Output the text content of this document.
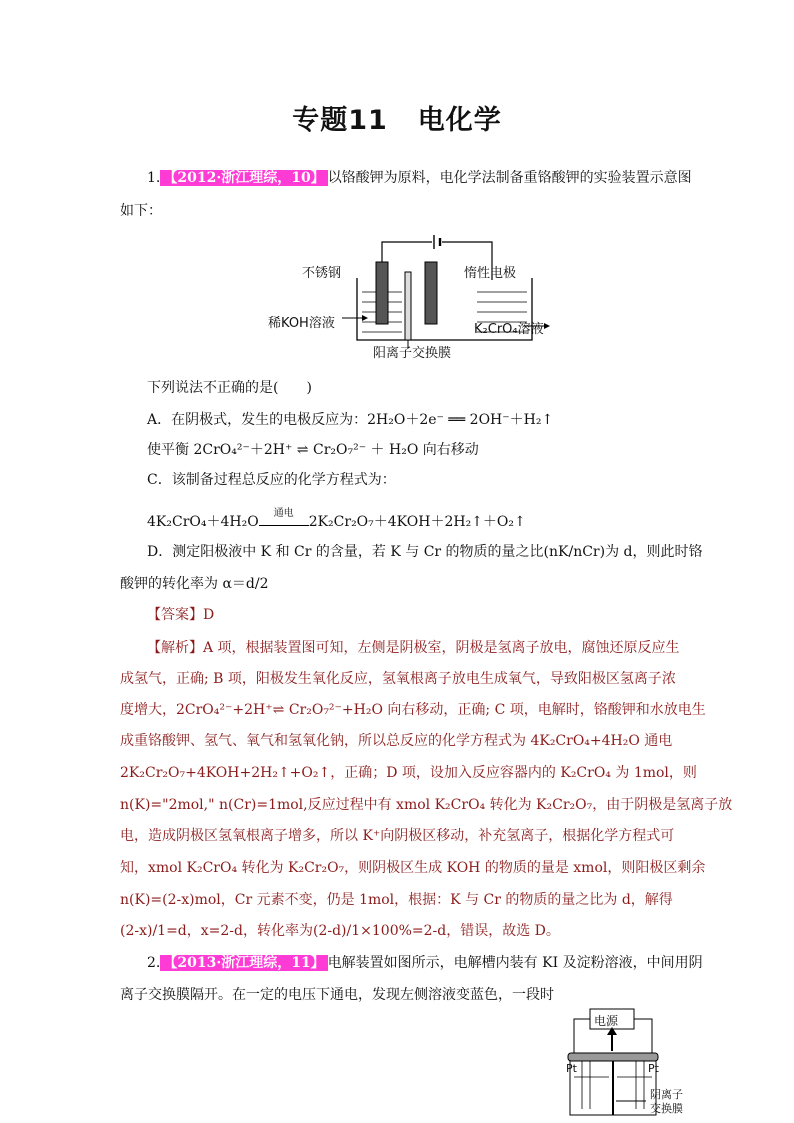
专题11 电化学
1. 【2012·浙江理综，10】 以铬酸钾为原料，电化学法制备重铬酸钾的实验装置示意图
如下：
不锈钢	惰性电极
稀KOH溶液	K₂CrO₄溶液
阳离子交换膜
下列说法不正确的是(　　)
A．在阴极式，发生的电极反应为：2H₂O＋2e⁻ ══ 2OH⁻＋H₂↑
使平衡 2CrO₄²⁻＋2H⁺ ⇌ Cr₂O₇²⁻ ＋ H₂O 向右移动
C．该制备过程总反应的化学方程式为：
4K₂CrO₄＋4H₂O
通电
2K₂Cr₂O₇＋4KOH＋2H₂↑＋O₂↑
D．测定阳极液中 K 和 Cr 的含量，若 K 与 Cr 的物质的量之比(nK/nCr)为 d，则此时铬
酸钾的转化率为 α＝d/2
【答案】D
【解析】A 项，根据装置图可知，左侧是阴极室，阴极是氢离子放电，腐蚀还原反应生
成氢气，正确; B 项，阳极发生氧化反应，氢氧根离子放电生成氧气，导致阳极区氢离子浓
度增大，2CrO₄²⁻+2H⁺⇌ Cr₂O₇²⁻+H₂O 向右移动，正确; C 项，电解时，铬酸钾和水放电生
成重铬酸钾、氢气、氧气和氢氧化钠，所以总反应的化学方程式为 4K₂CrO₄+4H₂O 通电
2K₂Cr₂O₇+4KOH+2H₂↑+O₂↑，正确；D 项，设加入反应容器内的 K₂CrO₄ 为 1mol，则
n(K)="2mol," n(Cr)=1mol,反应过程中有 xmol K₂CrO₄ 转化为 K₂Cr₂O₇，由于阴极是氢离子放
电，造成阴极区氢氧根离子增多，所以 K⁺向阴极区移动，补充氢离子，根据化学方程式可
知，xmol K₂CrO₄ 转化为 K₂Cr₂O₇，则阴极区生成 KOH 的物质的量是 xmol，则阳极区剩余
n(K)=(2-x)mol，Cr 元素不变，仍是 1mol，根据：K 与 Cr 的物质的量之比为 d，解得
(2-x)/1=d，x=2-d，转化率为(2-d)/1×100%=2-d，错误，故选 D。
2. 【2013·浙江理综，11】 电解装置如图所示，电解槽内装有 KI 及淀粉溶液，中间用阴
离子交换膜隔开。在一定的电压下通电，发现左侧溶液变蓝色，一段时
电源
Pt	Pt
阴离子
交换膜
